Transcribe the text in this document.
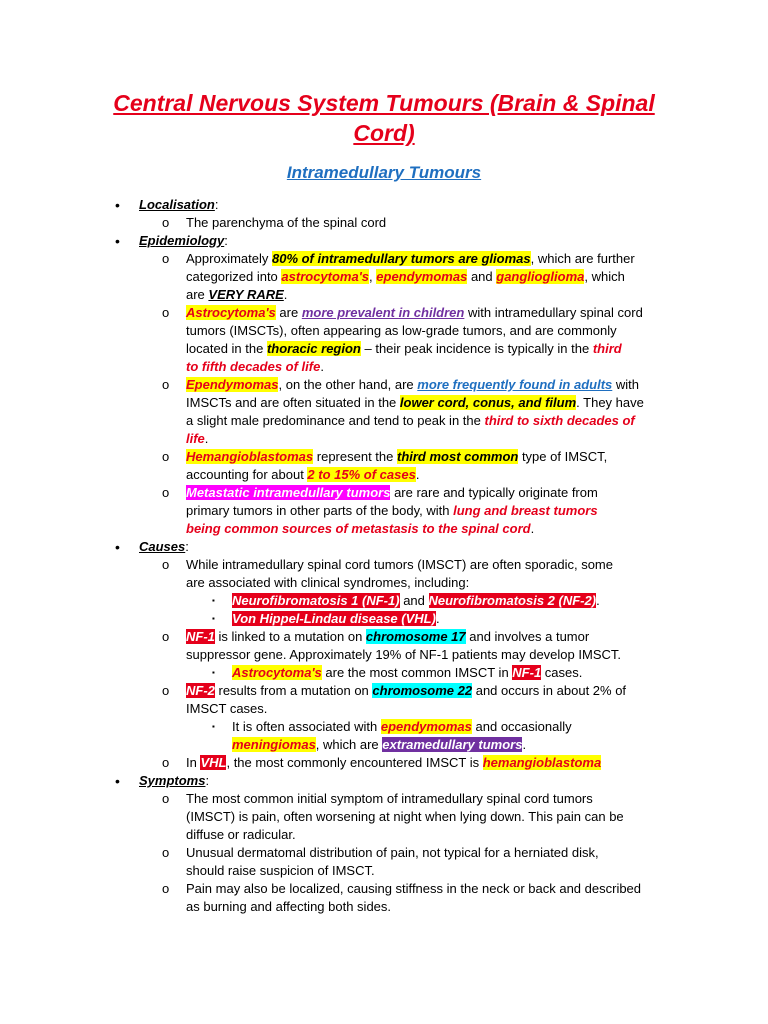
Central Nervous System Tumours (Brain & Spinal
Cord)
Intramedullary Tumours
• Localisation:
o The parenchyma of the spinal cord
• Epidemiology:
o Approximately 80% of intramedullary tumors are gliomas, which are further
categorized into astrocytoma's, ependymomas and ganglioglioma, which
are VERY RARE.
o Astrocytoma's are more prevalent in children with intramedullary spinal cord
tumors (IMSCTs), often appearing as low-grade tumors, and are commonly
located in the thoracic region – their peak incidence is typically in the third
to fifth decades of life.
o Ependymomas, on the other hand, are more frequently found in adults with
IMSCTs and are often situated in the lower cord, conus, and filum. They have
a slight male predominance and tend to peak in the third to sixth decades of
life.
o Hemangioblastomas represent the third most common type of IMSCT,
accounting for about 2 to 15% of cases.
o Metastatic intramedullary tumors are rare and typically originate from
primary tumors in other parts of the body, with lung and breast tumors
being common sources of metastasis to the spinal cord.
• Causes:
o While intramedullary spinal cord tumors (IMSCT) are often sporadic, some
are associated with clinical syndromes, including:
▪ Neurofibromatosis 1 (NF-1) and Neurofibromatosis 2 (NF-2).
▪ Von Hippel-Lindau disease (VHL).
o NF-1 is linked to a mutation on chromosome 17 and involves a tumor
suppressor gene. Approximately 19% of NF-1 patients may develop IMSCT.
▪ Astrocytoma's are the most common IMSCT in NF-1 cases.
o NF-2 results from a mutation on chromosome 22 and occurs in about 2% of
IMSCT cases.
▪ It is often associated with ependymomas and occasionally
meningiomas, which are extramedullary tumors.
o In VHL, the most commonly encountered IMSCT is hemangioblastoma
• Symptoms:
o The most common initial symptom of intramedullary spinal cord tumors
(IMSCT) is pain, often worsening at night when lying down. This pain can be
diffuse or radicular.
o Unusual dermatomal distribution of pain, not typical for a herniated disk,
should raise suspicion of IMSCT.
o Pain may also be localized, causing stiffness in the neck or back and described
as burning and affecting both sides.
